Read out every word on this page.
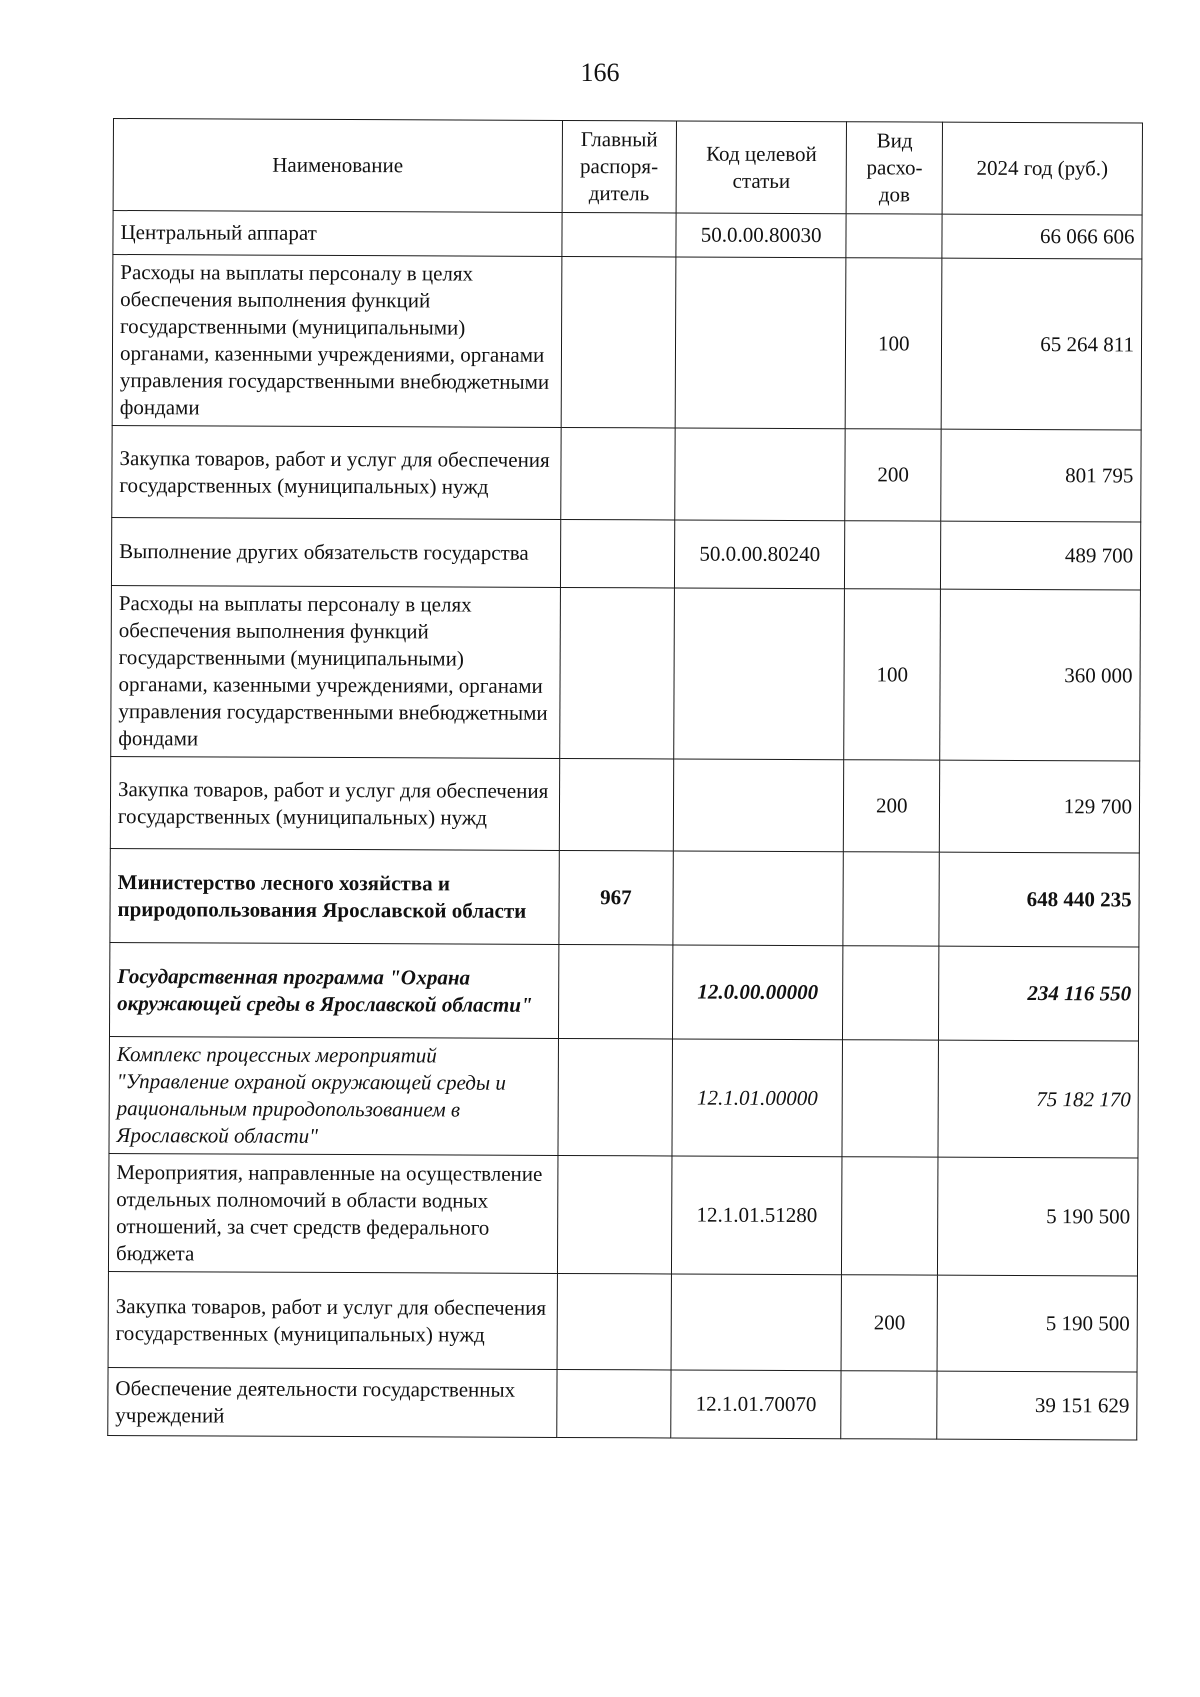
166
Наименование	Главный распоря-дитель	Код целевой статьи	Вид расхо-дов	2024 год (руб.)
Центральный аппарат		50.0.00.80030		66 066 606
Расходы на выплаты персоналу в целях обеспечения выполнения функций государственными (муниципальными) органами, казенными учреждениями, органами управления государственными внебюджетными фондами			100	65 264 811
Закупка товаров, работ и услуг для обеспечения государственных (муниципальных) нужд			200	801 795
Выполнение других обязательств государства		50.0.00.80240		489 700
Расходы на выплаты персоналу в целях обеспечения выполнения функций государственными (муниципальными) органами, казенными учреждениями, органами управления государственными внебюджетными фондами			100	360 000
Закупка товаров, работ и услуг для обеспечения государственных (муниципальных) нужд			200	129 700
Министерство лесного хозяйства и природопользования Ярославской области	967			648 440 235
Государственная программа "Охрана окружающей среды в Ярославской области"		12.0.00.00000		234 116 550
Комплекс процессных мероприятий "Управление охраной окружающей среды и рациональным природопользованием в Ярославской области"		12.1.01.00000		75 182 170
Мероприятия, направленные на осуществление отдельных полномочий в области водных отношений, за счет средств федерального бюджета		12.1.01.51280		5 190 500
Закупка товаров, работ и услуг для обеспечения государственных (муниципальных) нужд			200	5 190 500
Обеспечение деятельности государственных учреждений		12.1.01.70070		39 151 629
